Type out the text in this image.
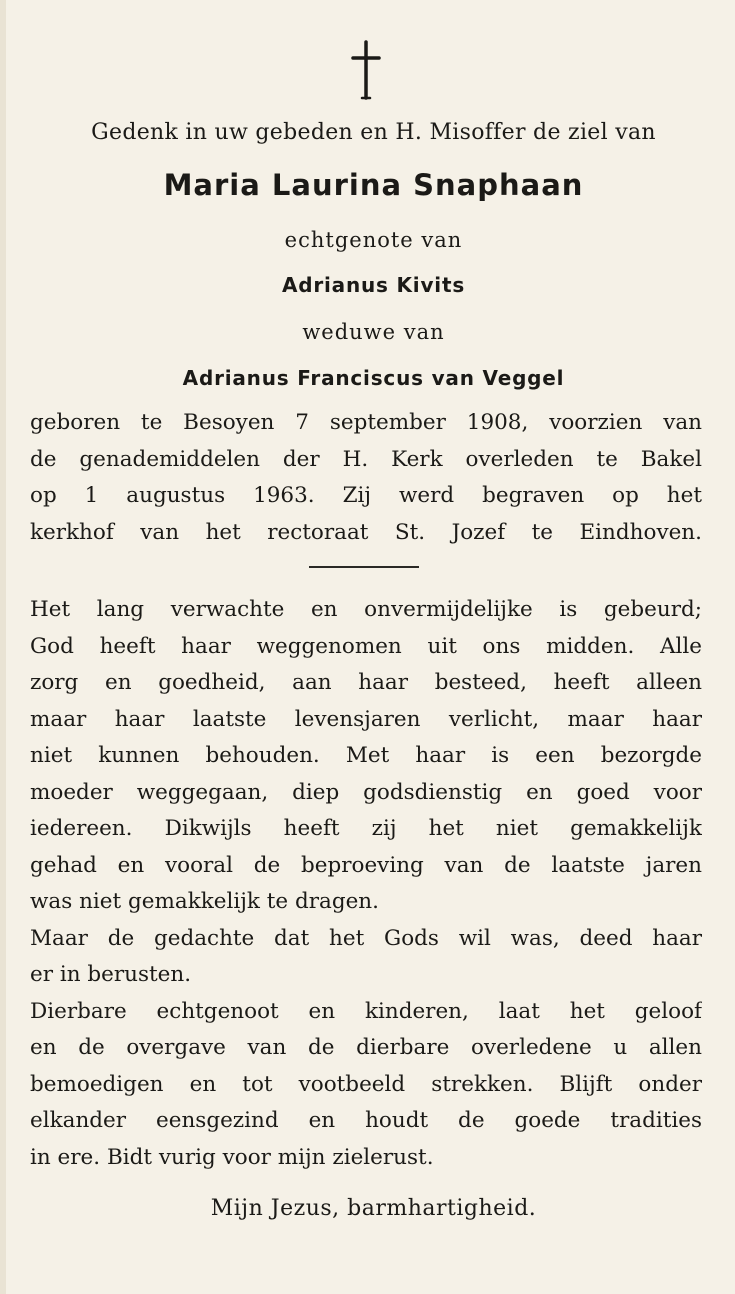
Gedenk in uw gebeden en H. Misoffer de ziel van
Maria Laurina Snaphaan
echtgenote van
Adrianus Kivits
weduwe van
Adrianus Franciscus van Veggel
geboren te Besoyen 7 september 1908, voorzien van
de genademiddelen der H. Kerk overleden te Bakel
op 1 augustus 1963. Zij werd begraven op het
kerkhof van het rectoraat St. Jozef te Eindhoven.
Het lang verwachte en onvermijdelijke is gebeurd;
God heeft haar weggenomen uit ons midden. Alle
zorg en goedheid, aan haar besteed, heeft alleen
maar haar laatste levensjaren verlicht, maar haar
niet kunnen behouden. Met haar is een bezorgde
moeder weggegaan, diep godsdienstig en goed voor
iedereen. Dikwijls heeft zij het niet gemakkelijk
gehad en vooral de beproeving van de laatste jaren
was niet gemakkelijk te dragen.
Maar de gedachte dat het Gods wil was, deed haar
er in berusten.
Dierbare echtgenoot en kinderen, laat het geloof
en de overgave van de dierbare overledene u allen
bemoedigen en tot vootbeeld strekken. Blijft onder
elkander eensgezind en houdt de goede tradities
in ere. Bidt vurig voor mijn zielerust.
Mijn Jezus, barmhartigheid.
